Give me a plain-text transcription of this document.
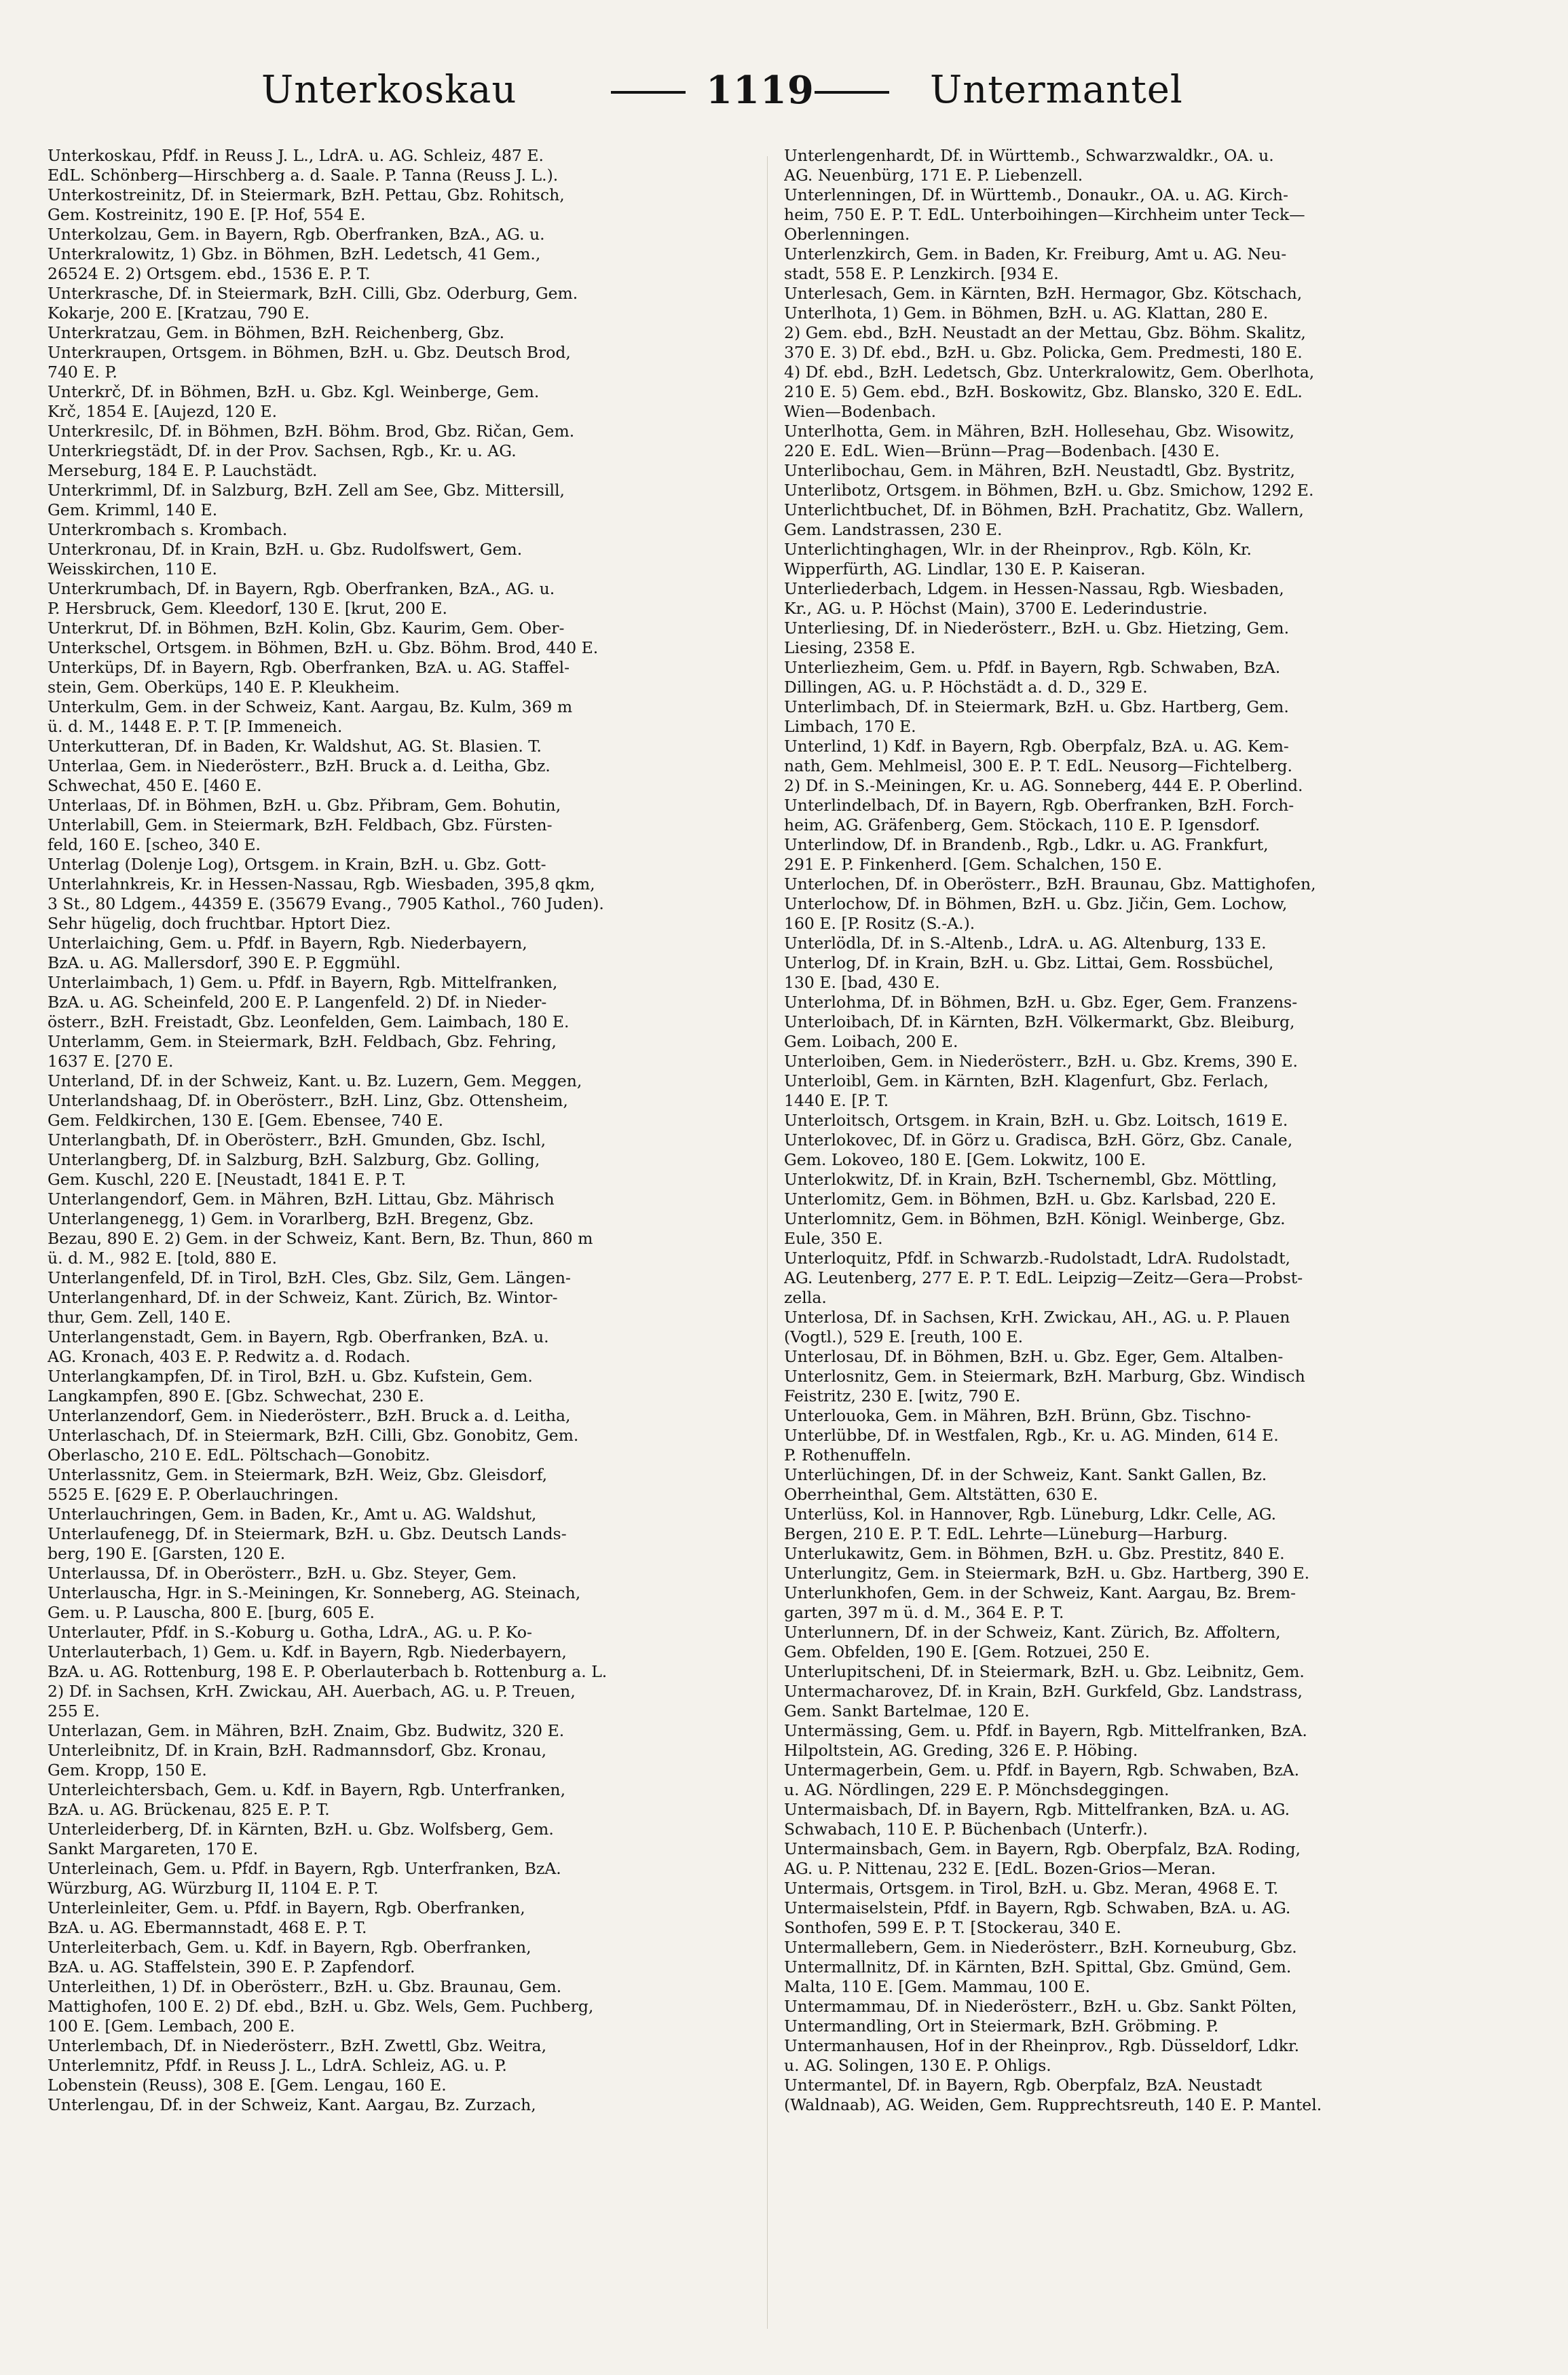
Unterkoskau	1119	Untermantel
Unterkoskau, Pfdf. in Reuss J. L., LdrA. u. AG. Schleiz, 487 E.
EdL. Schönberg—Hirschberg a. d. Saale. P. Tanna (Reuss J. L.).
Unterkostreinitz, Df. in Steiermark, BzH. Pettau, Gbz. Rohitsch,
Gem. Kostreinitz, 190 E. [P. Hof, 554 E.
Unterkolzau, Gem. in Bayern, Rgb. Oberfranken, BzA., AG. u.
Unterkralowitz, 1) Gbz. in Böhmen, BzH. Ledetsch, 41 Gem.,
26524 E. 2) Ortsgem. ebd., 1536 E. P. T.
Unterkrasche, Df. in Steiermark, BzH. Cilli, Gbz. Oderburg, Gem.
Kokarje, 200 E. [Kratzau, 790 E.
Unterkratzau, Gem. in Böhmen, BzH. Reichenberg, Gbz.
Unterkraupen, Ortsgem. in Böhmen, BzH. u. Gbz. Deutsch Brod,
740 E. P.
Unterkrč, Df. in Böhmen, BzH. u. Gbz. Kgl. Weinberge, Gem.
Krč, 1854 E. [Aujezd, 120 E.
Unterkresilc, Df. in Böhmen, BzH. Böhm. Brod, Gbz. Ričan, Gem.
Unterkriegstädt, Df. in der Prov. Sachsen, Rgb., Kr. u. AG.
Merseburg, 184 E. P. Lauchstädt.
Unterkrimml, Df. in Salzburg, BzH. Zell am See, Gbz. Mittersill,
Gem. Krimml, 140 E.
Unterkrombach s. Krombach.
Unterkronau, Df. in Krain, BzH. u. Gbz. Rudolfswert, Gem.
Weisskirchen, 110 E.
Unterkrumbach, Df. in Bayern, Rgb. Oberfranken, BzA., AG. u.
P. Hersbruck, Gem. Kleedorf, 130 E. [krut, 200 E.
Unterkrut, Df. in Böhmen, BzH. Kolin, Gbz. Kaurim, Gem. Ober-
Unterkschel, Ortsgem. in Böhmen, BzH. u. Gbz. Böhm. Brod, 440 E.
Unterküps, Df. in Bayern, Rgb. Oberfranken, BzA. u. AG. Staffel-
stein, Gem. Oberküps, 140 E. P. Kleukheim.
Unterkulm, Gem. in der Schweiz, Kant. Aargau, Bz. Kulm, 369 m
ü. d. M., 1448 E. P. T. [P. Immeneich.
Unterkutteran, Df. in Baden, Kr. Waldshut, AG. St. Blasien. T.
Unterlaa, Gem. in Niederösterr., BzH. Bruck a. d. Leitha, Gbz.
Schwechat, 450 E. [460 E.
Unterlaas, Df. in Böhmen, BzH. u. Gbz. Přibram, Gem. Bohutin,
Unterlabill, Gem. in Steiermark, BzH. Feldbach, Gbz. Fürsten-
feld, 160 E. [scheo, 340 E.
Unterlag (Dolenje Log), Ortsgem. in Krain, BzH. u. Gbz. Gott-
Unterlahnkreis, Kr. in Hessen-Nassau, Rgb. Wiesbaden, 395,8 qkm,
3 St., 80 Ldgem., 44359 E. (35679 Evang., 7905 Kathol., 760 Juden).
Sehr hügelig, doch fruchtbar. Hptort Diez.
Unterlaiching, Gem. u. Pfdf. in Bayern, Rgb. Niederbayern,
BzA. u. AG. Mallersdorf, 390 E. P. Eggmühl.
Unterlaimbach, 1) Gem. u. Pfdf. in Bayern, Rgb. Mittelfranken,
BzA. u. AG. Scheinfeld, 200 E. P. Langenfeld. 2) Df. in Nieder-
österr., BzH. Freistadt, Gbz. Leonfelden, Gem. Laimbach, 180 E.
Unterlamm, Gem. in Steiermark, BzH. Feldbach, Gbz. Fehring,
1637 E. [270 E.
Unterland, Df. in der Schweiz, Kant. u. Bz. Luzern, Gem. Meggen,
Unterlandshaag, Df. in Oberösterr., BzH. Linz, Gbz. Ottensheim,
Gem. Feldkirchen, 130 E. [Gem. Ebensee, 740 E.
Unterlangbath, Df. in Oberösterr., BzH. Gmunden, Gbz. Ischl,
Unterlangberg, Df. in Salzburg, BzH. Salzburg, Gbz. Golling,
Gem. Kuschl, 220 E. [Neustadt, 1841 E. P. T.
Unterlangendorf, Gem. in Mähren, BzH. Littau, Gbz. Mährisch
Unterlangenegg, 1) Gem. in Vorarlberg, BzH. Bregenz, Gbz.
Bezau, 890 E. 2) Gem. in der Schweiz, Kant. Bern, Bz. Thun, 860 m
ü. d. M., 982 E. [told, 880 E.
Unterlangenfeld, Df. in Tirol, BzH. Cles, Gbz. Silz, Gem. Längen-
Unterlangenhard, Df. in der Schweiz, Kant. Zürich, Bz. Wintor-
thur, Gem. Zell, 140 E.
Unterlangenstadt, Gem. in Bayern, Rgb. Oberfranken, BzA. u.
AG. Kronach, 403 E. P. Redwitz a. d. Rodach.
Unterlangkampfen, Df. in Tirol, BzH. u. Gbz. Kufstein, Gem.
Langkampfen, 890 E. [Gbz. Schwechat, 230 E.
Unterlanzendorf, Gem. in Niederösterr., BzH. Bruck a. d. Leitha,
Unterlaschach, Df. in Steiermark, BzH. Cilli, Gbz. Gonobitz, Gem.
Oberlascho, 210 E. EdL. Pöltschach—Gonobitz.
Unterlassnitz, Gem. in Steiermark, BzH. Weiz, Gbz. Gleisdorf,
5525 E. [629 E. P. Oberlauchringen.
Unterlauchringen, Gem. in Baden, Kr., Amt u. AG. Waldshut,
Unterlaufenegg, Df. in Steiermark, BzH. u. Gbz. Deutsch Lands-
berg, 190 E. [Garsten, 120 E.
Unterlaussa, Df. in Oberösterr., BzH. u. Gbz. Steyer, Gem.
Unterlauscha, Hgr. in S.-Meiningen, Kr. Sonneberg, AG. Steinach,
Gem. u. P. Lauscha, 800 E. [burg, 605 E.
Unterlauter, Pfdf. in S.-Koburg u. Gotha, LdrA., AG. u. P. Ko-
Unterlauterbach, 1) Gem. u. Kdf. in Bayern, Rgb. Niederbayern,
BzA. u. AG. Rottenburg, 198 E. P. Oberlauterbach b. Rottenburg a. L.
2) Df. in Sachsen, KrH. Zwickau, AH. Auerbach, AG. u. P. Treuen,
255 E.
Unterlazan, Gem. in Mähren, BzH. Znaim, Gbz. Budwitz, 320 E.
Unterleibnitz, Df. in Krain, BzH. Radmannsdorf, Gbz. Kronau,
Gem. Kropp, 150 E.
Unterleichtersbach, Gem. u. Kdf. in Bayern, Rgb. Unterfranken,
BzA. u. AG. Brückenau, 825 E. P. T.
Unterleiderberg, Df. in Kärnten, BzH. u. Gbz. Wolfsberg, Gem.
Sankt Margareten, 170 E.
Unterleinach, Gem. u. Pfdf. in Bayern, Rgb. Unterfranken, BzA.
Würzburg, AG. Würzburg II, 1104 E. P. T.
Unterleinleiter, Gem. u. Pfdf. in Bayern, Rgb. Oberfranken,
BzA. u. AG. Ebermannstadt, 468 E. P. T.
Unterleiterbach, Gem. u. Kdf. in Bayern, Rgb. Oberfranken,
BzA. u. AG. Staffelstein, 390 E. P. Zapfendorf.
Unterleithen, 1) Df. in Oberösterr., BzH. u. Gbz. Braunau, Gem.
Mattighofen, 100 E. 2) Df. ebd., BzH. u. Gbz. Wels, Gem. Puchberg,
100 E. [Gem. Lembach, 200 E.
Unterlembach, Df. in Niederösterr., BzH. Zwettl, Gbz. Weitra,
Unterlemnitz, Pfdf. in Reuss J. L., LdrA. Schleiz, AG. u. P.
Lobenstein (Reuss), 308 E. [Gem. Lengau, 160 E.
Unterlengau, Df. in der Schweiz, Kant. Aargau, Bz. Zurzach,
Unterlengenhardt, Df. in Württemb., Schwarzwaldkr., OA. u.
AG. Neuenbürg, 171 E. P. Liebenzell.
Unterlenningen, Df. in Württemb., Donaukr., OA. u. AG. Kirch-
heim, 750 E. P. T. EdL. Unterboihingen—Kirchheim unter Teck—
Oberlenningen.
Unterlenzkirch, Gem. in Baden, Kr. Freiburg, Amt u. AG. Neu-
stadt, 558 E. P. Lenzkirch. [934 E.
Unterlesach, Gem. in Kärnten, BzH. Hermagor, Gbz. Kötschach,
Unterlhota, 1) Gem. in Böhmen, BzH. u. AG. Klattan, 280 E.
2) Gem. ebd., BzH. Neustadt an der Mettau, Gbz. Böhm. Skalitz,
370 E. 3) Df. ebd., BzH. u. Gbz. Policka, Gem. Predmesti, 180 E.
4) Df. ebd., BzH. Ledetsch, Gbz. Unterkralowitz, Gem. Oberlhota,
210 E. 5) Gem. ebd., BzH. Boskowitz, Gbz. Blansko, 320 E. EdL.
Wien—Bodenbach.
Unterlhotta, Gem. in Mähren, BzH. Hollesehau, Gbz. Wisowitz,
220 E. EdL. Wien—Brünn—Prag—Bodenbach. [430 E.
Unterlibochau, Gem. in Mähren, BzH. Neustadtl, Gbz. Bystritz,
Unterlibotz, Ortsgem. in Böhmen, BzH. u. Gbz. Smichow, 1292 E.
Unterlichtbuchet, Df. in Böhmen, BzH. Prachatitz, Gbz. Wallern,
Gem. Landstrassen, 230 E.
Unterlichtinghagen, Wlr. in der Rheinprov., Rgb. Köln, Kr.
Wipperfürth, AG. Lindlar, 130 E. P. Kaiseran.
Unterliederbach, Ldgem. in Hessen-Nassau, Rgb. Wiesbaden,
Kr., AG. u. P. Höchst (Main), 3700 E. Lederindustrie.
Unterliesing, Df. in Niederösterr., BzH. u. Gbz. Hietzing, Gem.
Liesing, 2358 E.
Unterliezheim, Gem. u. Pfdf. in Bayern, Rgb. Schwaben, BzA.
Dillingen, AG. u. P. Höchstädt a. d. D., 329 E.
Unterlimbach, Df. in Steiermark, BzH. u. Gbz. Hartberg, Gem.
Limbach, 170 E.
Unterlind, 1) Kdf. in Bayern, Rgb. Oberpfalz, BzA. u. AG. Kem-
nath, Gem. Mehlmeisl, 300 E. P. T. EdL. Neusorg—Fichtelberg.
2) Df. in S.-Meiningen, Kr. u. AG. Sonneberg, 444 E. P. Oberlind.
Unterlindelbach, Df. in Bayern, Rgb. Oberfranken, BzH. Forch-
heim, AG. Gräfenberg, Gem. Stöckach, 110 E. P. Igensdorf.
Unterlindow, Df. in Brandenb., Rgb., Ldkr. u. AG. Frankfurt,
291 E. P. Finkenherd. [Gem. Schalchen, 150 E.
Unterlochen, Df. in Oberösterr., BzH. Braunau, Gbz. Mattighofen,
Unterlochow, Df. in Böhmen, BzH. u. Gbz. Jičin, Gem. Lochow,
160 E. [P. Rositz (S.-A.).
Unterlödla, Df. in S.-Altenb., LdrA. u. AG. Altenburg, 133 E.
Unterlog, Df. in Krain, BzH. u. Gbz. Littai, Gem. Rossbüchel,
130 E. [bad, 430 E.
Unterlohma, Df. in Böhmen, BzH. u. Gbz. Eger, Gem. Franzens-
Unterloibach, Df. in Kärnten, BzH. Völkermarkt, Gbz. Bleiburg,
Gem. Loibach, 200 E.
Unterloiben, Gem. in Niederösterr., BzH. u. Gbz. Krems, 390 E.
Unterloibl, Gem. in Kärnten, BzH. Klagenfurt, Gbz. Ferlach,
1440 E. [P. T.
Unterloitsch, Ortsgem. in Krain, BzH. u. Gbz. Loitsch, 1619 E.
Unterlokovec, Df. in Görz u. Gradisca, BzH. Görz, Gbz. Canale,
Gem. Lokoveo, 180 E. [Gem. Lokwitz, 100 E.
Unterlokwitz, Df. in Krain, BzH. Tschernembl, Gbz. Möttling,
Unterlomitz, Gem. in Böhmen, BzH. u. Gbz. Karlsbad, 220 E.
Unterlomnitz, Gem. in Böhmen, BzH. Königl. Weinberge, Gbz.
Eule, 350 E.
Unterloquitz, Pfdf. in Schwarzb.-Rudolstadt, LdrA. Rudolstadt,
AG. Leutenberg, 277 E. P. T. EdL. Leipzig—Zeitz—Gera—Probst-
zella.
Unterlosa, Df. in Sachsen, KrH. Zwickau, AH., AG. u. P. Plauen
(Vogtl.), 529 E. [reuth, 100 E.
Unterlosau, Df. in Böhmen, BzH. u. Gbz. Eger, Gem. Altalben-
Unterlosnitz, Gem. in Steiermark, BzH. Marburg, Gbz. Windisch
Feistritz, 230 E. [witz, 790 E.
Unterlouoka, Gem. in Mähren, BzH. Brünn, Gbz. Tischno-
Unterlübbe, Df. in Westfalen, Rgb., Kr. u. AG. Minden, 614 E.
P. Rothenuffeln.
Unterlüchingen, Df. in der Schweiz, Kant. Sankt Gallen, Bz.
Oberrheinthal, Gem. Altstätten, 630 E.
Unterlüss, Kol. in Hannover, Rgb. Lüneburg, Ldkr. Celle, AG.
Bergen, 210 E. P. T. EdL. Lehrte—Lüneburg—Harburg.
Unterlukawitz, Gem. in Böhmen, BzH. u. Gbz. Prestitz, 840 E.
Unterlungitz, Gem. in Steiermark, BzH. u. Gbz. Hartberg, 390 E.
Unterlunkhofen, Gem. in der Schweiz, Kant. Aargau, Bz. Brem-
garten, 397 m ü. d. M., 364 E. P. T.
Unterlunnern, Df. in der Schweiz, Kant. Zürich, Bz. Affoltern,
Gem. Obfelden, 190 E. [Gem. Rotzuei, 250 E.
Unterlupitscheni, Df. in Steiermark, BzH. u. Gbz. Leibnitz, Gem.
Untermacharovez, Df. in Krain, BzH. Gurkfeld, Gbz. Landstrass,
Gem. Sankt Bartelmae, 120 E.
Untermässing, Gem. u. Pfdf. in Bayern, Rgb. Mittelfranken, BzA.
Hilpoltstein, AG. Greding, 326 E. P. Höbing.
Untermagerbein, Gem. u. Pfdf. in Bayern, Rgb. Schwaben, BzA.
u. AG. Nördlingen, 229 E. P. Mönchsdeggingen.
Untermaisbach, Df. in Bayern, Rgb. Mittelfranken, BzA. u. AG.
Schwabach, 110 E. P. Büchenbach (Unterfr.).
Untermainsbach, Gem. in Bayern, Rgb. Oberpfalz, BzA. Roding,
AG. u. P. Nittenau, 232 E. [EdL. Bozen-Grios—Meran.
Untermais, Ortsgem. in Tirol, BzH. u. Gbz. Meran, 4968 E. T.
Untermaiselstein, Pfdf. in Bayern, Rgb. Schwaben, BzA. u. AG.
Sonthofen, 599 E. P. T. [Stockerau, 340 E.
Untermallebern, Gem. in Niederösterr., BzH. Korneuburg, Gbz.
Untermallnitz, Df. in Kärnten, BzH. Spittal, Gbz. Gmünd, Gem.
Malta, 110 E. [Gem. Mammau, 100 E.
Untermammau, Df. in Niederösterr., BzH. u. Gbz. Sankt Pölten,
Untermandling, Ort in Steiermark, BzH. Gröbming. P.
Untermanhausen, Hof in der Rheinprov., Rgb. Düsseldorf, Ldkr.
u. AG. Solingen, 130 E. P. Ohligs.
Untermantel, Df. in Bayern, Rgb. Oberpfalz, BzA. Neustadt
(Waldnaab), AG. Weiden, Gem. Rupprechtsreuth, 140 E. P. Mantel.
